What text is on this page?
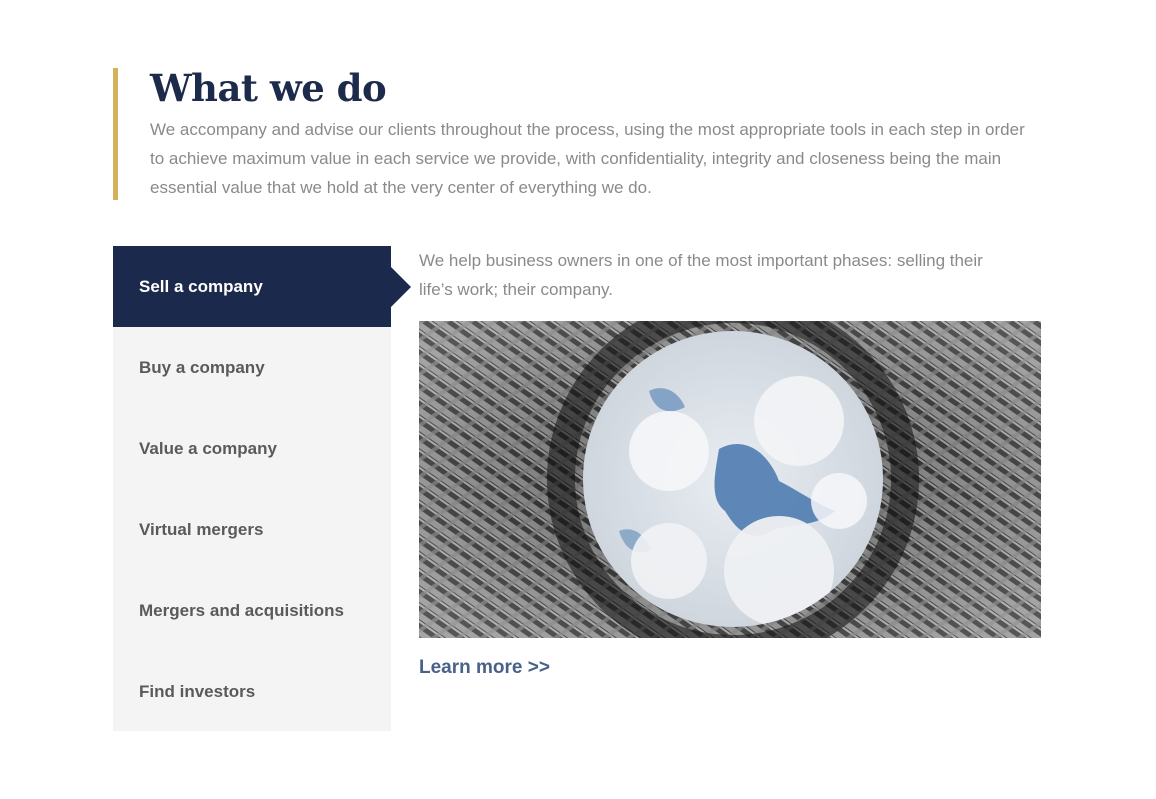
What we do

We accompany and advise our clients throughout the process, using the most appropriate tools in each step in order to achieve maximum value in each service we provide, with confidentiality, integrity and closeness being the main essential value that we hold at the very center of everything we do.

Sell a company
Buy a company
Value a company
Virtual mergers
Mergers and acquisitions
Find investors

We help business owners in one of the most important phases: selling their life’s work; their company.

Learn more >>
